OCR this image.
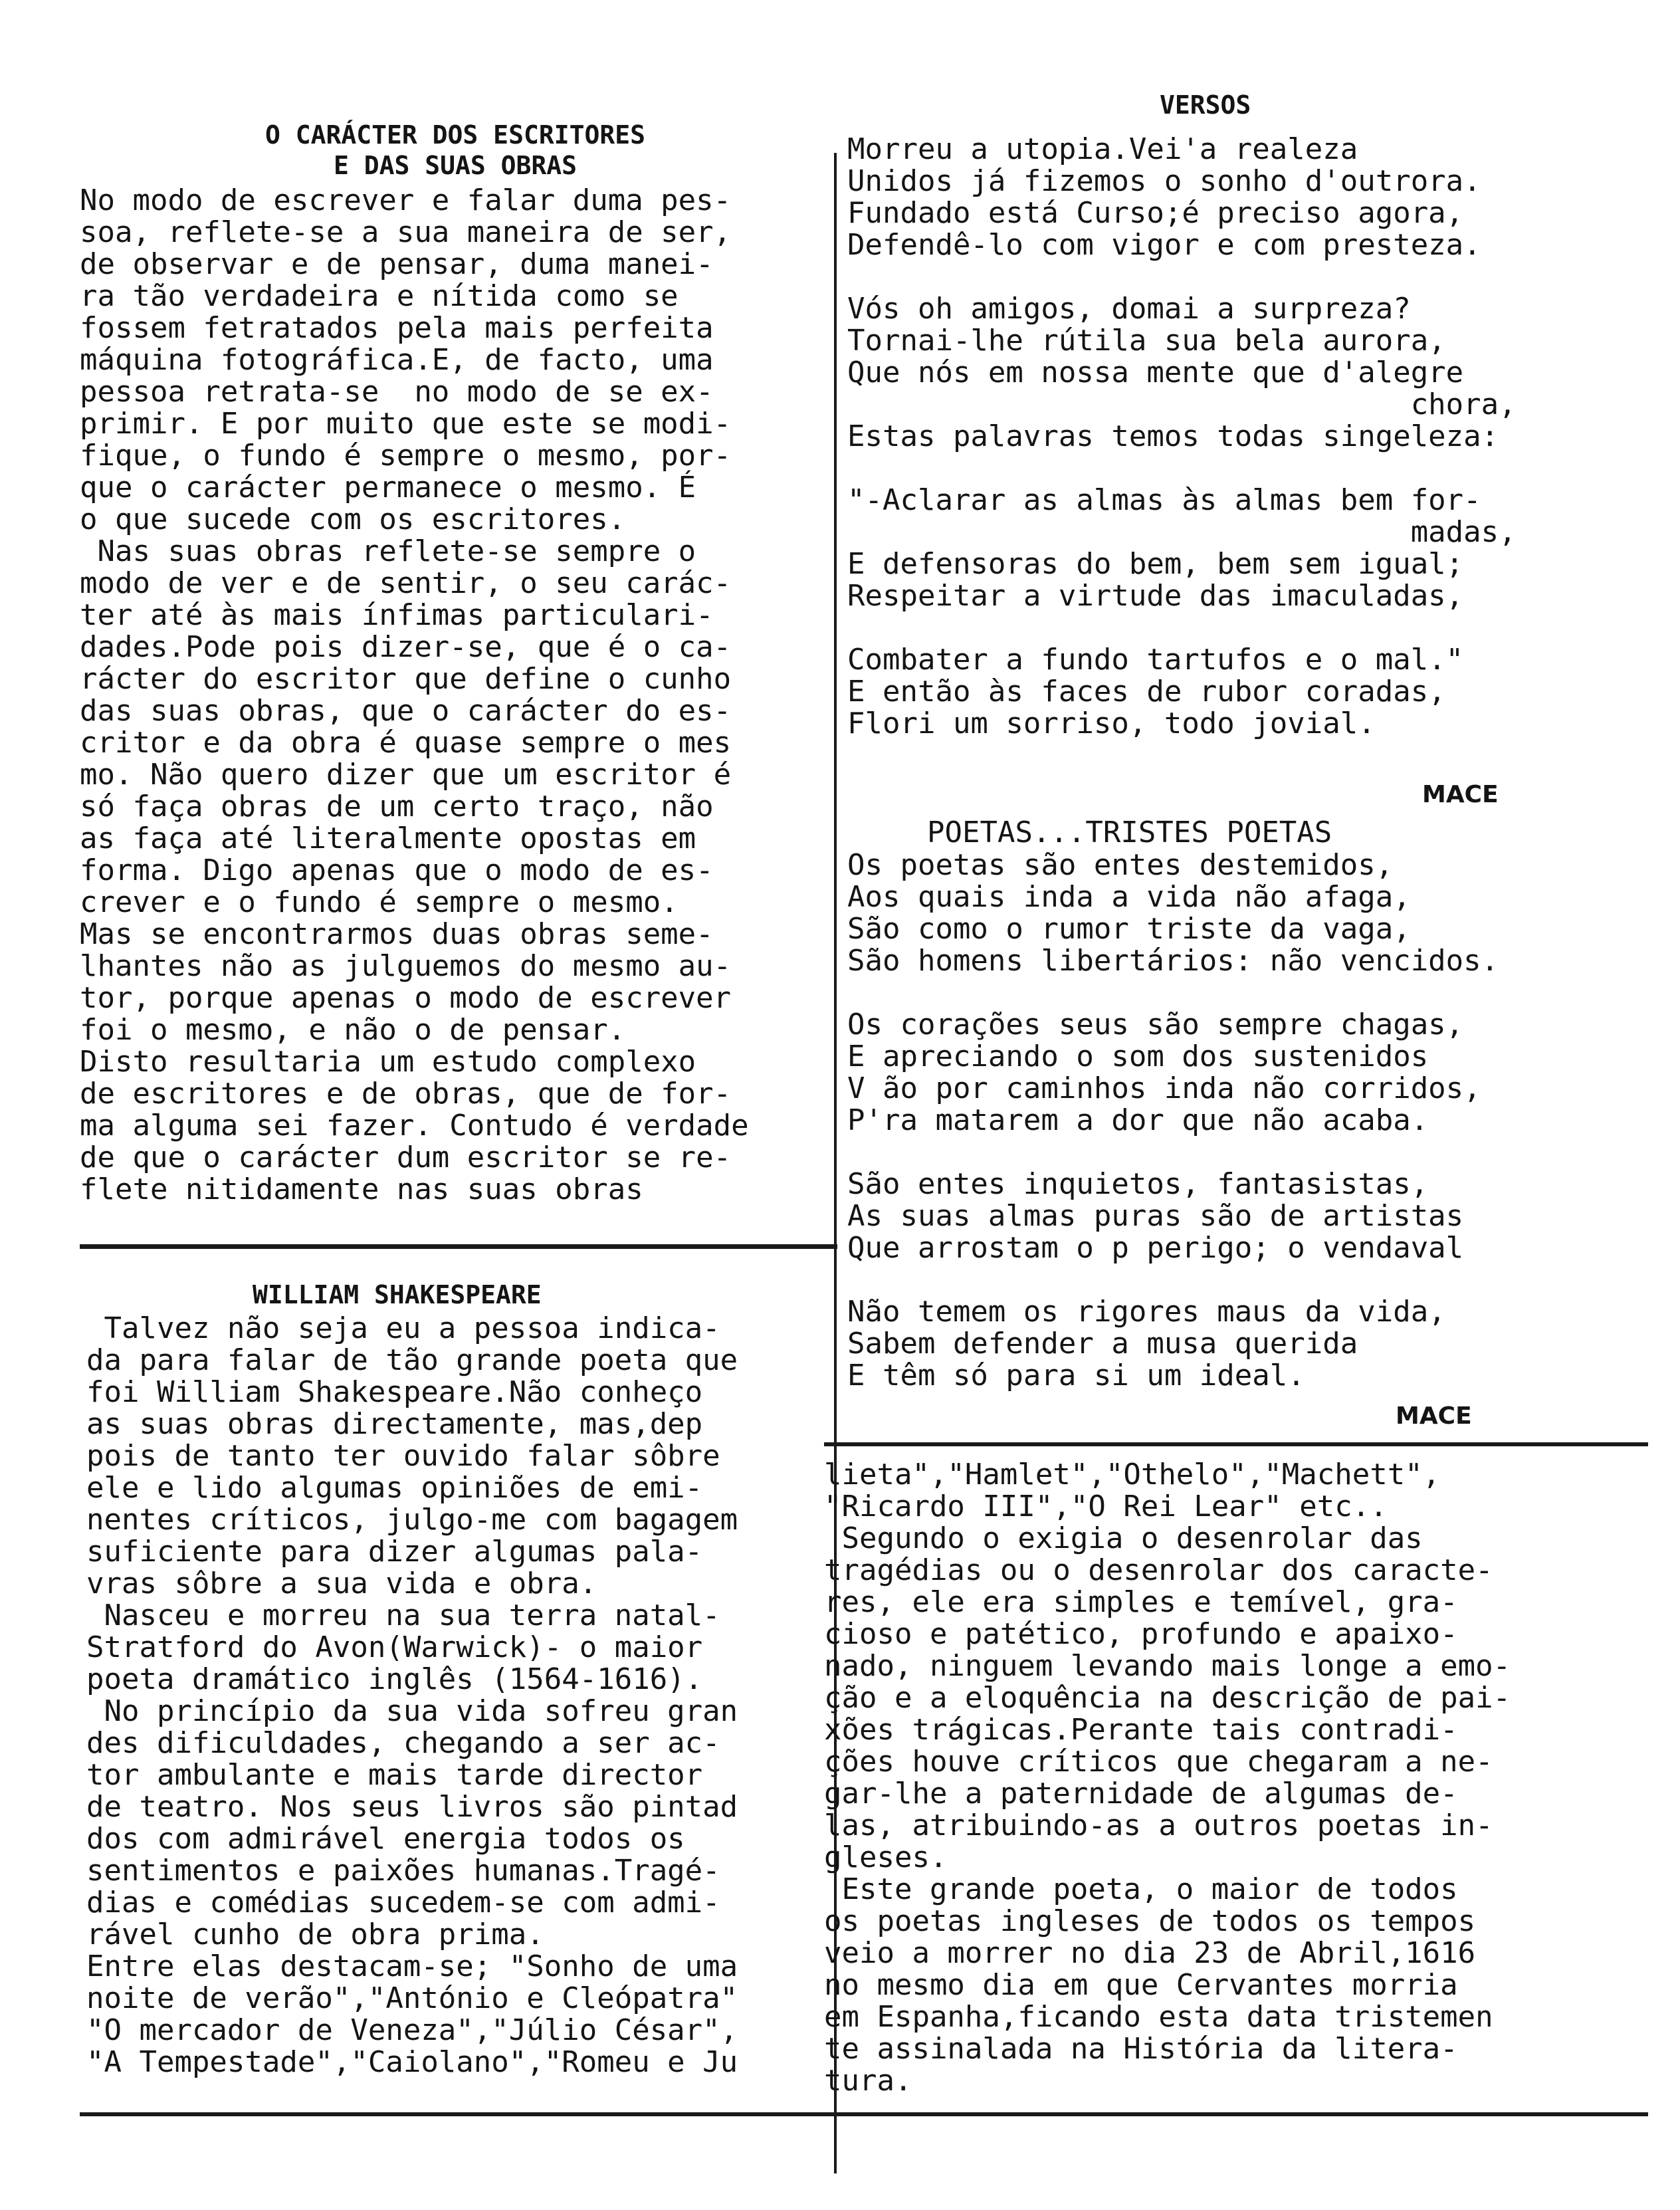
O CARÁCTER DOS ESCRITORES
E DAS SUAS OBRAS
No modo de escrever e falar duma pes-
soa, reflete-se a sua maneira de ser,
de observar e de pensar, duma manei-
ra tão verdadeira e nítida como se
fossem fetratados pela mais perfeita
máquina fotográfica.E, de facto, uma
pessoa retrata-se  no modo de se ex-
primir. E por muito que este se modi-
fique, o fundo é sempre o mesmo, por-
que o carácter permanece o mesmo. É
o que sucede com os escritores.
Nas suas obras reflete-se sempre o
modo de ver e de sentir, o seu carác-
ter até às mais ínfimas particulari-
dades.Pode pois dizer-se, que é o ca-
rácter do escritor que define o cunho
das suas obras, que o carácter do es-
critor e da obra é quase sempre o mes
mo. Não quero dizer que um escritor é
só faça obras de um certo traço, não
as faça até literalmente opostas em
forma. Digo apenas que o modo de es-
crever e o fundo é sempre o mesmo.
Mas se encontrarmos duas obras seme-
lhantes não as julguemos do mesmo au-
tor, porque apenas o modo de escrever
foi o mesmo, e não o de pensar.
Disto resultaria um estudo complexo
de escritores e de obras, que de for-
ma alguma sei fazer. Contudo é verdade
de que o carácter dum escritor se re-
flete nitidamente nas suas obras
WILLIAM SHAKESPEARE
Talvez não seja eu a pessoa indica-
da para falar de tão grande poeta que
foi William Shakespeare.Não conheço
as suas obras directamente, mas,dep
pois de tanto ter ouvido falar sôbre
ele e lido algumas opiniões de emi-
nentes críticos, julgo-me com bagagem
suficiente para dizer algumas pala-
vras sôbre a sua vida e obra.
Nasceu e morreu na sua terra natal-
Stratford do Avon(Warwick)- o maior
poeta dramático inglês (1564-1616).
No princípio da sua vida sofreu gran
des dificuldades, chegando a ser ac-
tor ambulante e mais tarde director
de teatro. Nos seus livros são pintad
dos com admirável energia todos os
sentimentos e paixões humanas.Tragé-
dias e comédias sucedem-se com admi-
rável cunho de obra prima.
Entre elas destacam-se; "Sonho de uma
noite de verão","António e Cleópatra"
"O mercador de Veneza","Júlio César",
"A Tempestade","Caiolano","Romeu e Ju
VERSOS
Morreu a utopia.Vei'a realeza
Unidos já fizemos o sonho d'outrora.
Fundado está Curso;é preciso agora,
Defendê-lo com vigor e com presteza.

Vós oh amigos, domai a surpreza?
Tornai-lhe rútila sua bela aurora,
Que nós em nossa mente que d'alegre
chora,
Estas palavras temos todas singeleza:

"-Aclarar as almas às almas bem for-
madas,
E defensoras do bem, bem sem igual;
Respeitar a virtude das imaculadas,

Combater a fundo tartufos e o mal."
E então às faces de rubor coradas,
Flori um sorriso, todo jovial.
MACE
POETAS...TRISTES POETAS
Os poetas são entes destemidos,
Aos quais inda a vida não afaga,
São como o rumor triste da vaga,
São homens libertários: não vencidos.

Os corações seus são sempre chagas,
E apreciando o som dos sustenidos
V ão por caminhos inda não corridos,
P'ra matarem a dor que não acaba.

São entes inquietos, fantasistas,
As suas almas puras são de artistas
Que arrostam o p perigo; o vendaval

Não temem os rigores maus da vida,
Sabem defender a musa querida
E têm só para si um ideal.
MACE
lieta","Hamlet","Othelo","Machett",
"Ricardo III","O Rei Lear" etc..
Segundo o exigia o desenrolar das
tragédias ou o desenrolar dos caracte-
res, ele era simples e temível, gra-
cioso e patético, profundo e apaixo-
nado, ninguem levando mais longe a emo-
ção e a eloquência na descrição de pai-
xões trágicas.Perante tais contradi-
ções houve críticos que chegaram a ne-
gar-lhe a paternidade de algumas de-
las, atribuindo-as a outros poetas in-
gleses.
Este grande poeta, o maior de todos
os poetas ingleses de todos os tempos
veio a morrer no dia 23 de Abril,1616
no mesmo dia em que Cervantes morria
em Espanha,ficando esta data tristemen
te assinalada na História da litera-
tura.
